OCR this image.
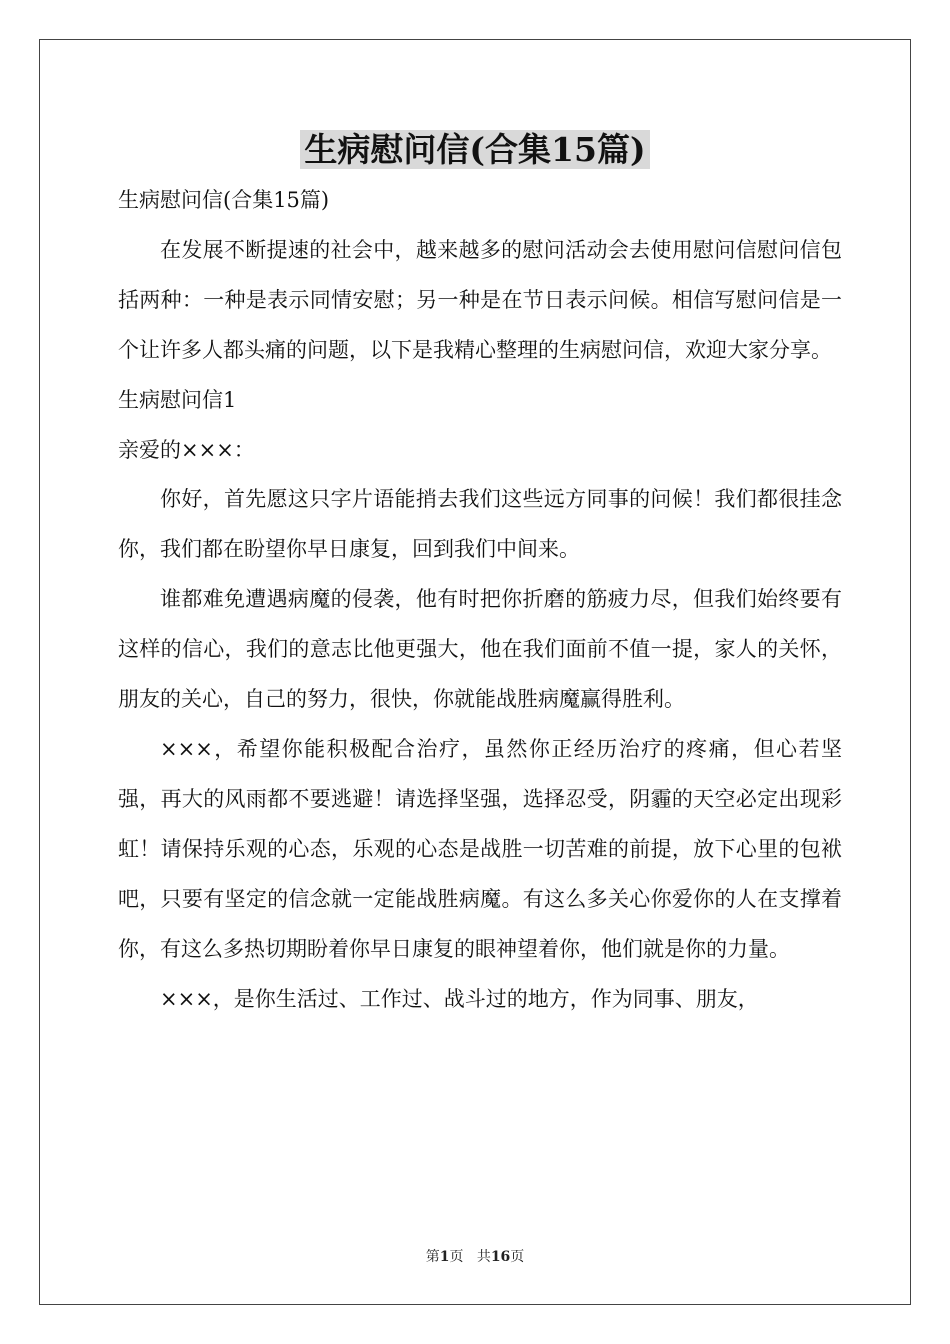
生病慰问信(合集15篇)

生病慰问信(合集15篇)

在发展不断提速的社会中，越来越多的慰问活动会去使用慰问信慰问信包括两种：一种是表示同情安慰；另一种是在节日表示问候。相信写慰问信是一个让许多人都头痛的问题，以下是我精心整理的生病慰问信，欢迎大家分享。

生病慰问信1

亲爱的×××：

你好，首先愿这只字片语能捎去我们这些远方同事的问候！我们都很挂念你，我们都在盼望你早日康复，回到我们中间来。

谁都难免遭遇病魔的侵袭，他有时把你折磨的筋疲力尽，但我们始终要有这样的信心，我们的意志比他更强大，他在我们面前不值一提，家人的关怀，朋友的关心，自己的努力，很快，你就能战胜病魔赢得胜利。

×××，希望你能积极配合治疗，虽然你正经历治疗的疼痛，但心若坚强，再大的风雨都不要逃避！请选择坚强，选择忍受，阴霾的天空必定出现彩虹！请保持乐观的心态，乐观的心态是战胜一切苦难的前提，放下心里的包袱吧，只要有坚定的信念就一定能战胜病魔。有这么多关心你爱你的人在支撑着你，有这么多热切期盼着你早日康复的眼神望着你，他们就是你的力量。

×××，是你生活过、工作过、战斗过的地方，作为同事、朋友，

第1页 共16页
